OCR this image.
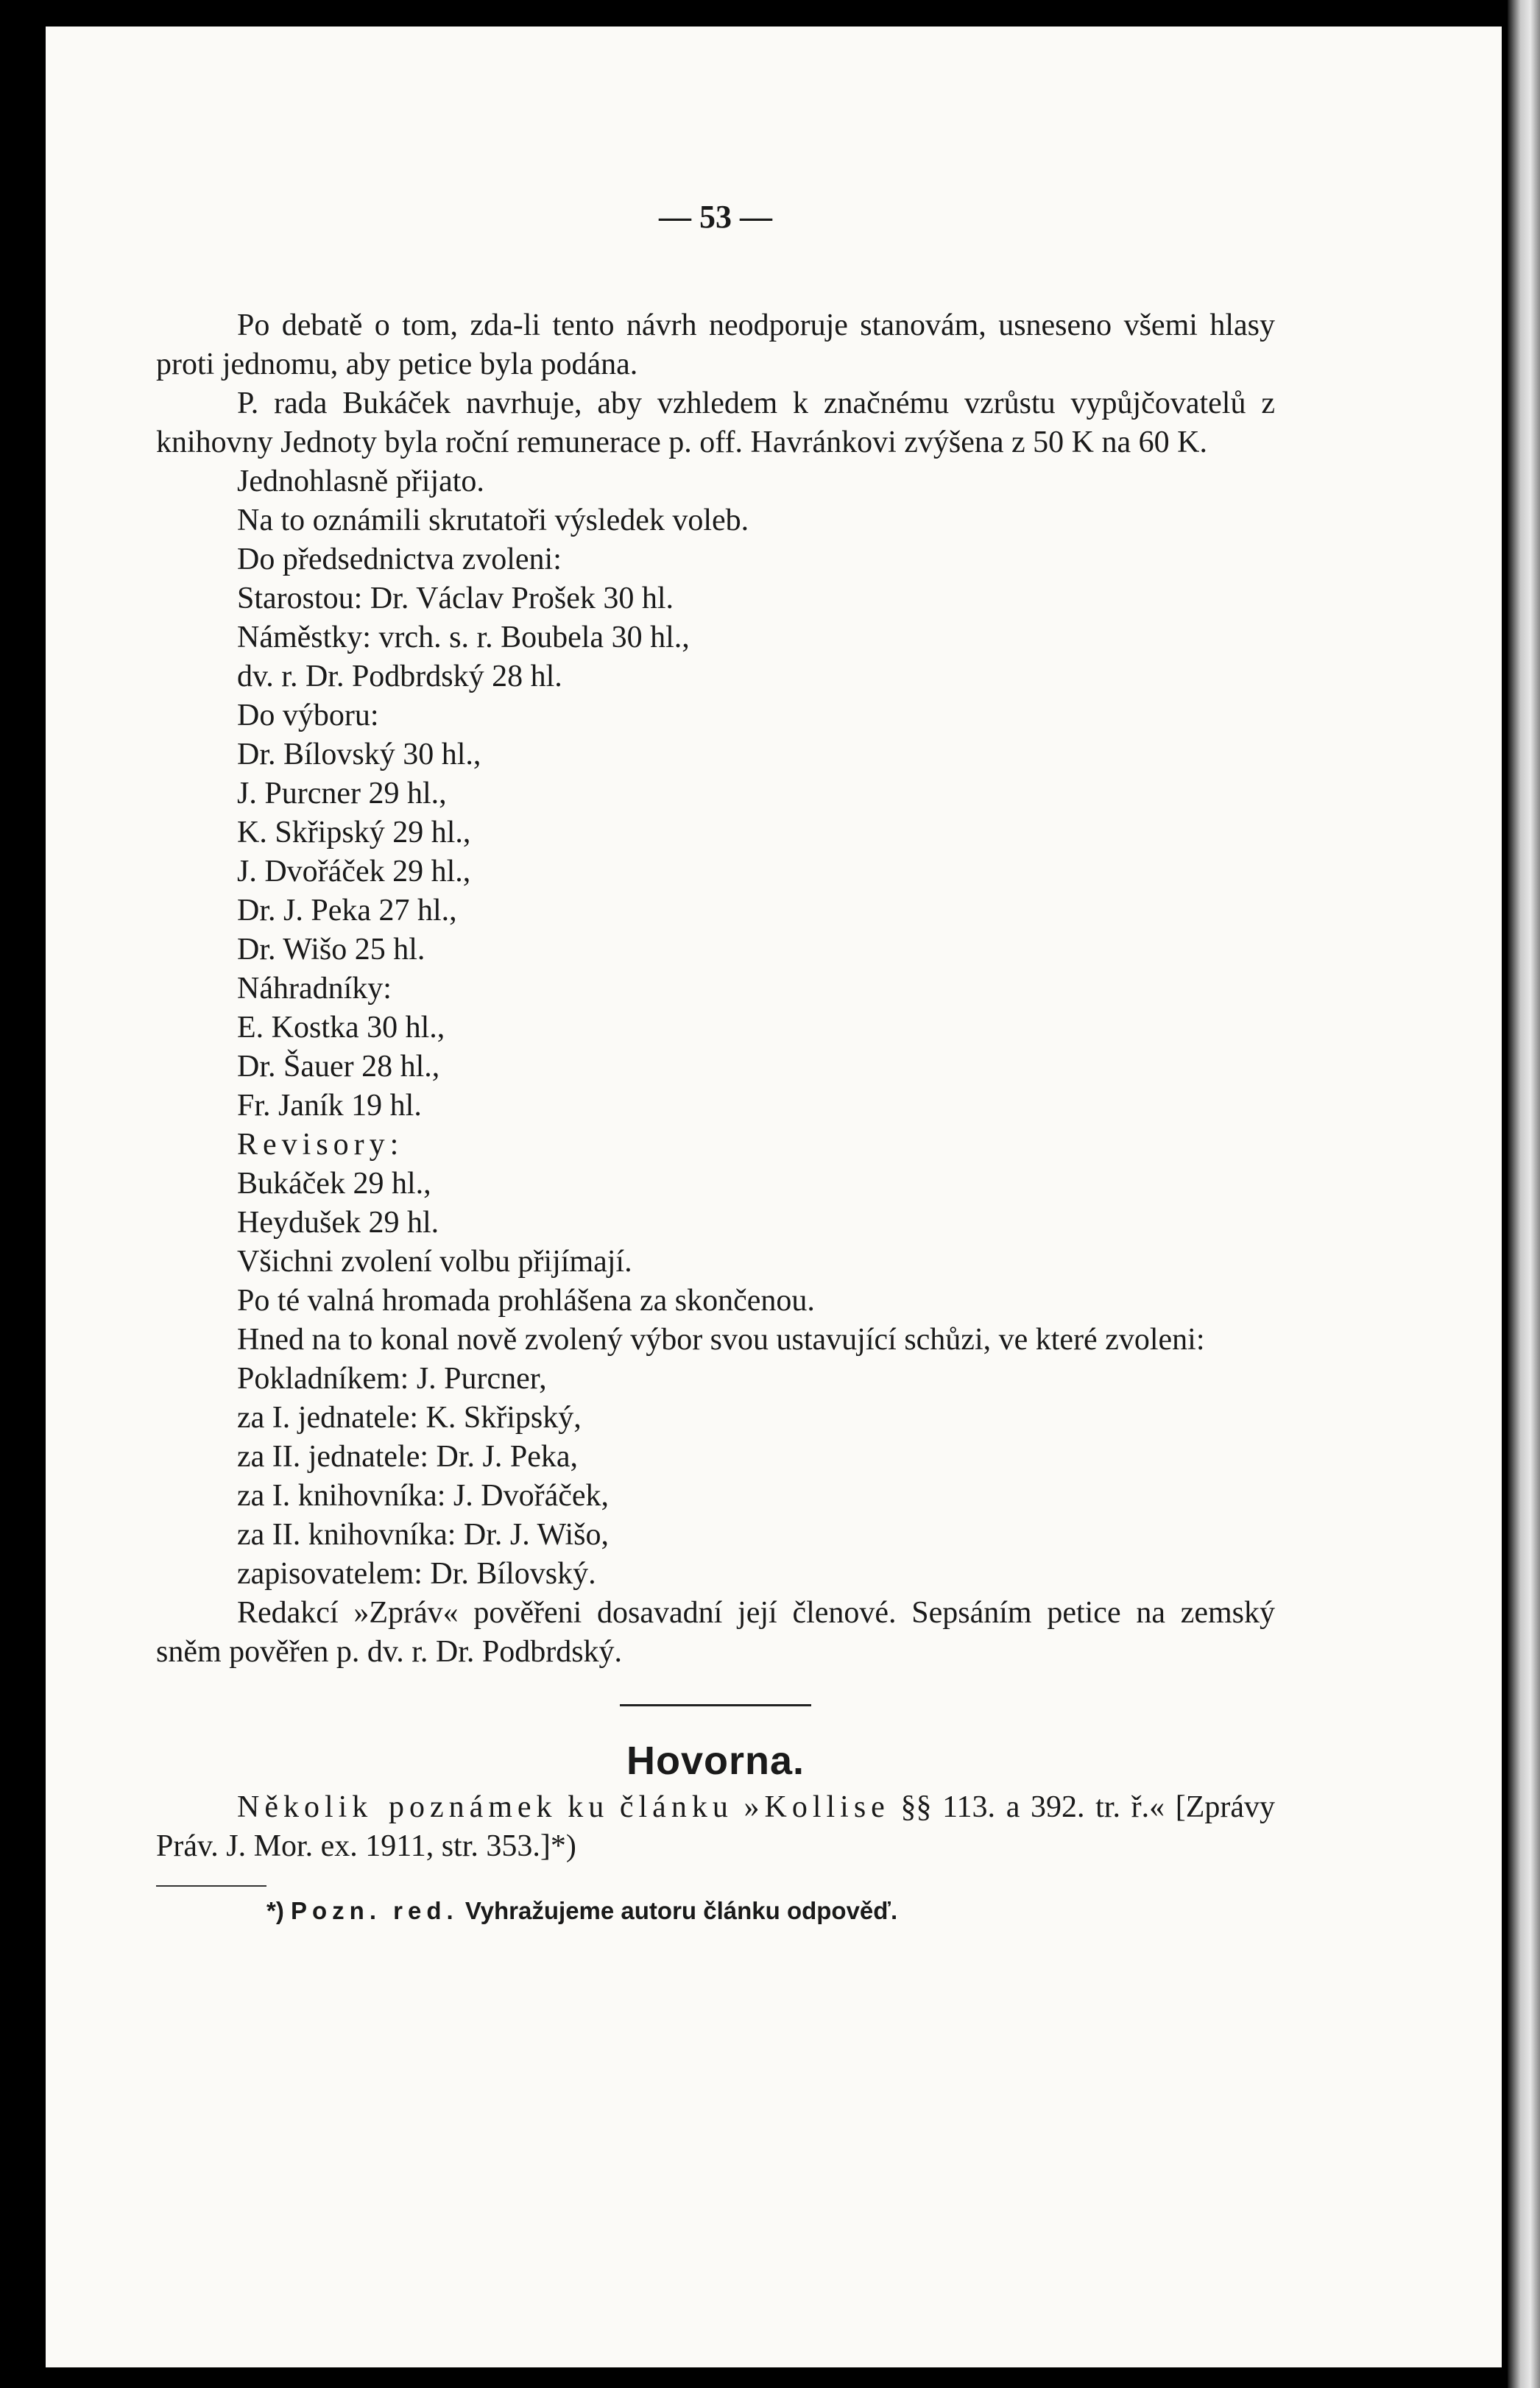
— 53 —

Po debatě o tom, zda-li tento návrh neodporuje stanovám, usneseno všemi hlasy proti jednomu, aby petice byla podána.

P. rada Bukáček navrhuje, aby vzhledem k značnému vzrůstu vypůjčovatelů z knihovny Jednoty byla roční remunerace p. off. Havránkovi zvýšena z 50 K na 60 K.

Jednohlasně přijato.

Na to oznámili skrutatoři výsledek voleb.

Do předsednictva zvoleni:

Starostou: Dr. Václav Prošek 30 hl.

Náměstky: vrch. s. r. Boubela 30 hl.,

dv. r. Dr. Podbrdský 28 hl.

Do výboru:

Dr. Bílovský 30 hl.,

J. Purcner 29 hl.,

K. Skřipský 29 hl.,

J. Dvořáček 29 hl.,

Dr. J. Peka 27 hl.,

Dr. Wišo 25 hl.

Náhradníky:

E. Kostka 30 hl.,

Dr. Šauer 28 hl.,

Fr. Janík 19 hl.

Revisory:

Bukáček 29 hl.,

Heydušek 29 hl.

Všichni zvolení volbu přijímají.

Po té valná hromada prohlášena za skončenou.

Hned na to konal nově zvolený výbor svou ustavující schůzi, ve které zvoleni:

Pokladníkem: J. Purcner,

za I. jednatele: K. Skřipský,

za II. jednatele: Dr. J. Peka,

za I. knihovníka: J. Dvořáček,

za II. knihovníka: Dr. J. Wišo,

zapisovatelem: Dr. Bílovský.

Redakcí »Zpráv« pověřeni dosavadní její členové. Sepsáním petice na zemský sněm pověřen p. dv. r. Dr. Podbrdský.

Hovorna.

Několik poznámek ku článku »Kollise §§ 113. a 392. tr. ř.« [Zprávy Práv. J. Mor. ex. 1911, str. 353.]*)

*) Pozn. red. Vyhražujeme autoru článku odpověď.
